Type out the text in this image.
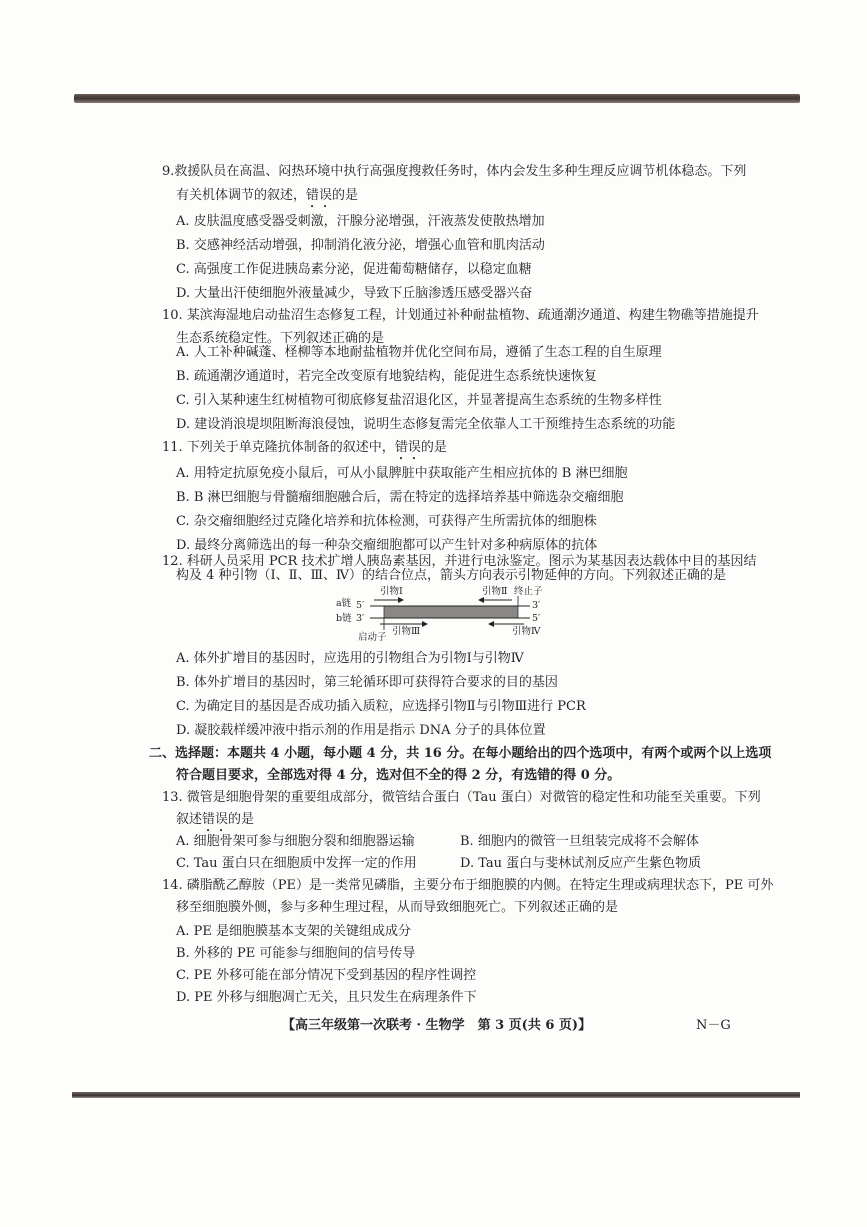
9.救援队员在高温、闷热环境中执行高强度搜救任务时，体内会发生多种生理反应调节机体稳态。下列
有关机体调节的叙述，错误的是
A. 皮肤温度感受器受刺激，汗腺分泌增强，汗液蒸发使散热增加
B. 交感神经活动增强，抑制消化液分泌，增强心血管和肌肉活动
C. 高强度工作促进胰岛素分泌，促进葡萄糖储存，以稳定血糖
D. 大量出汗使细胞外液量减少，导致下丘脑渗透压感受器兴奋
10. 某滨海湿地启动盐沼生态修复工程，计划通过补种耐盐植物、疏通潮汐通道、构建生物礁等措施提升
生态系统稳定性。下列叙述正确的是
A. 人工补种碱蓬、柽柳等本地耐盐植物并优化空间布局，遵循了生态工程的自生原理
B. 疏通潮汐通道时，若完全改变原有地貌结构，能促进生态系统快速恢复
C. 引入某种速生红树植物可彻底修复盐沼退化区，并显著提高生态系统的生物多样性
D. 建设消浪堤坝阻断海浪侵蚀，说明生态修复需完全依靠人工干预维持生态系统的功能
11. 下列关于单克隆抗体制备的叙述中，错误的是
A. 用特定抗原免疫小鼠后，可从小鼠脾脏中获取能产生相应抗体的 B 淋巴细胞
B. B 淋巴细胞与骨髓瘤细胞融合后，需在特定的选择培养基中筛选杂交瘤细胞
C. 杂交瘤细胞经过克隆化培养和抗体检测，可获得产生所需抗体的细胞株
D. 最终分离筛选出的每一种杂交瘤细胞都可以产生针对多种病原体的抗体
12. 科研人员采用 PCR 技术扩增人胰岛素基因，并进行电泳鉴定。图示为某基因表达载体中目的基因结
构及 4 种引物（Ⅰ、Ⅱ、Ⅲ、Ⅳ）的结合位点，箭头方向表示引物延伸的方向。下列叙述正确的是
引物Ⅰ	引物Ⅱ 终止子
a链 5′	3′
b链 3′	5′
引物Ⅲ	引物Ⅳ
启动子
A. 体外扩增目的基因时，应选用的引物组合为引物Ⅰ与引物Ⅳ
B. 体外扩增目的基因时，第三轮循环即可获得符合要求的目的基因
C. 为确定目的基因是否成功插入质粒，应选择引物Ⅱ与引物Ⅲ进行 PCR
D. 凝胶载样缓冲液中指示剂的作用是指示 DNA 分子的具体位置
二、选择题：本题共 4 小题，每小题 4 分，共 16 分。在每小题给出的四个选项中，有两个或两个以上选项
符合题目要求，全部选对得 4 分，选对但不全的得 2 分，有选错的得 0 分。
13. 微管是细胞骨架的重要组成部分，微管结合蛋白（Tau 蛋白）对微管的稳定性和功能至关重要。下列
叙述错误的是
A. 细胞骨架可参与细胞分裂和细胞器运输	B. 细胞内的微管一旦组装完成将不会解体
C. Tau 蛋白只在细胞质中发挥一定的作用	D. Tau 蛋白与斐林试剂反应产生紫色物质
14. 磷脂酰乙醇胺（PE）是一类常见磷脂，主要分布于细胞膜的内侧。在特定生理或病理状态下，PE 可外
移至细胞膜外侧，参与多种生理过程，从而导致细胞死亡。下列叙述正确的是
A. PE 是细胞膜基本支架的关键组成成分
B. 外移的 PE 可能参与细胞间的信号传导
C. PE 外移可能在部分情况下受到基因的程序性调控
D. PE 外移与细胞凋亡无关，且只发生在病理条件下
【高三年级第一次联考 · 生物学　第 3 页(共 6 页)】	N－G
